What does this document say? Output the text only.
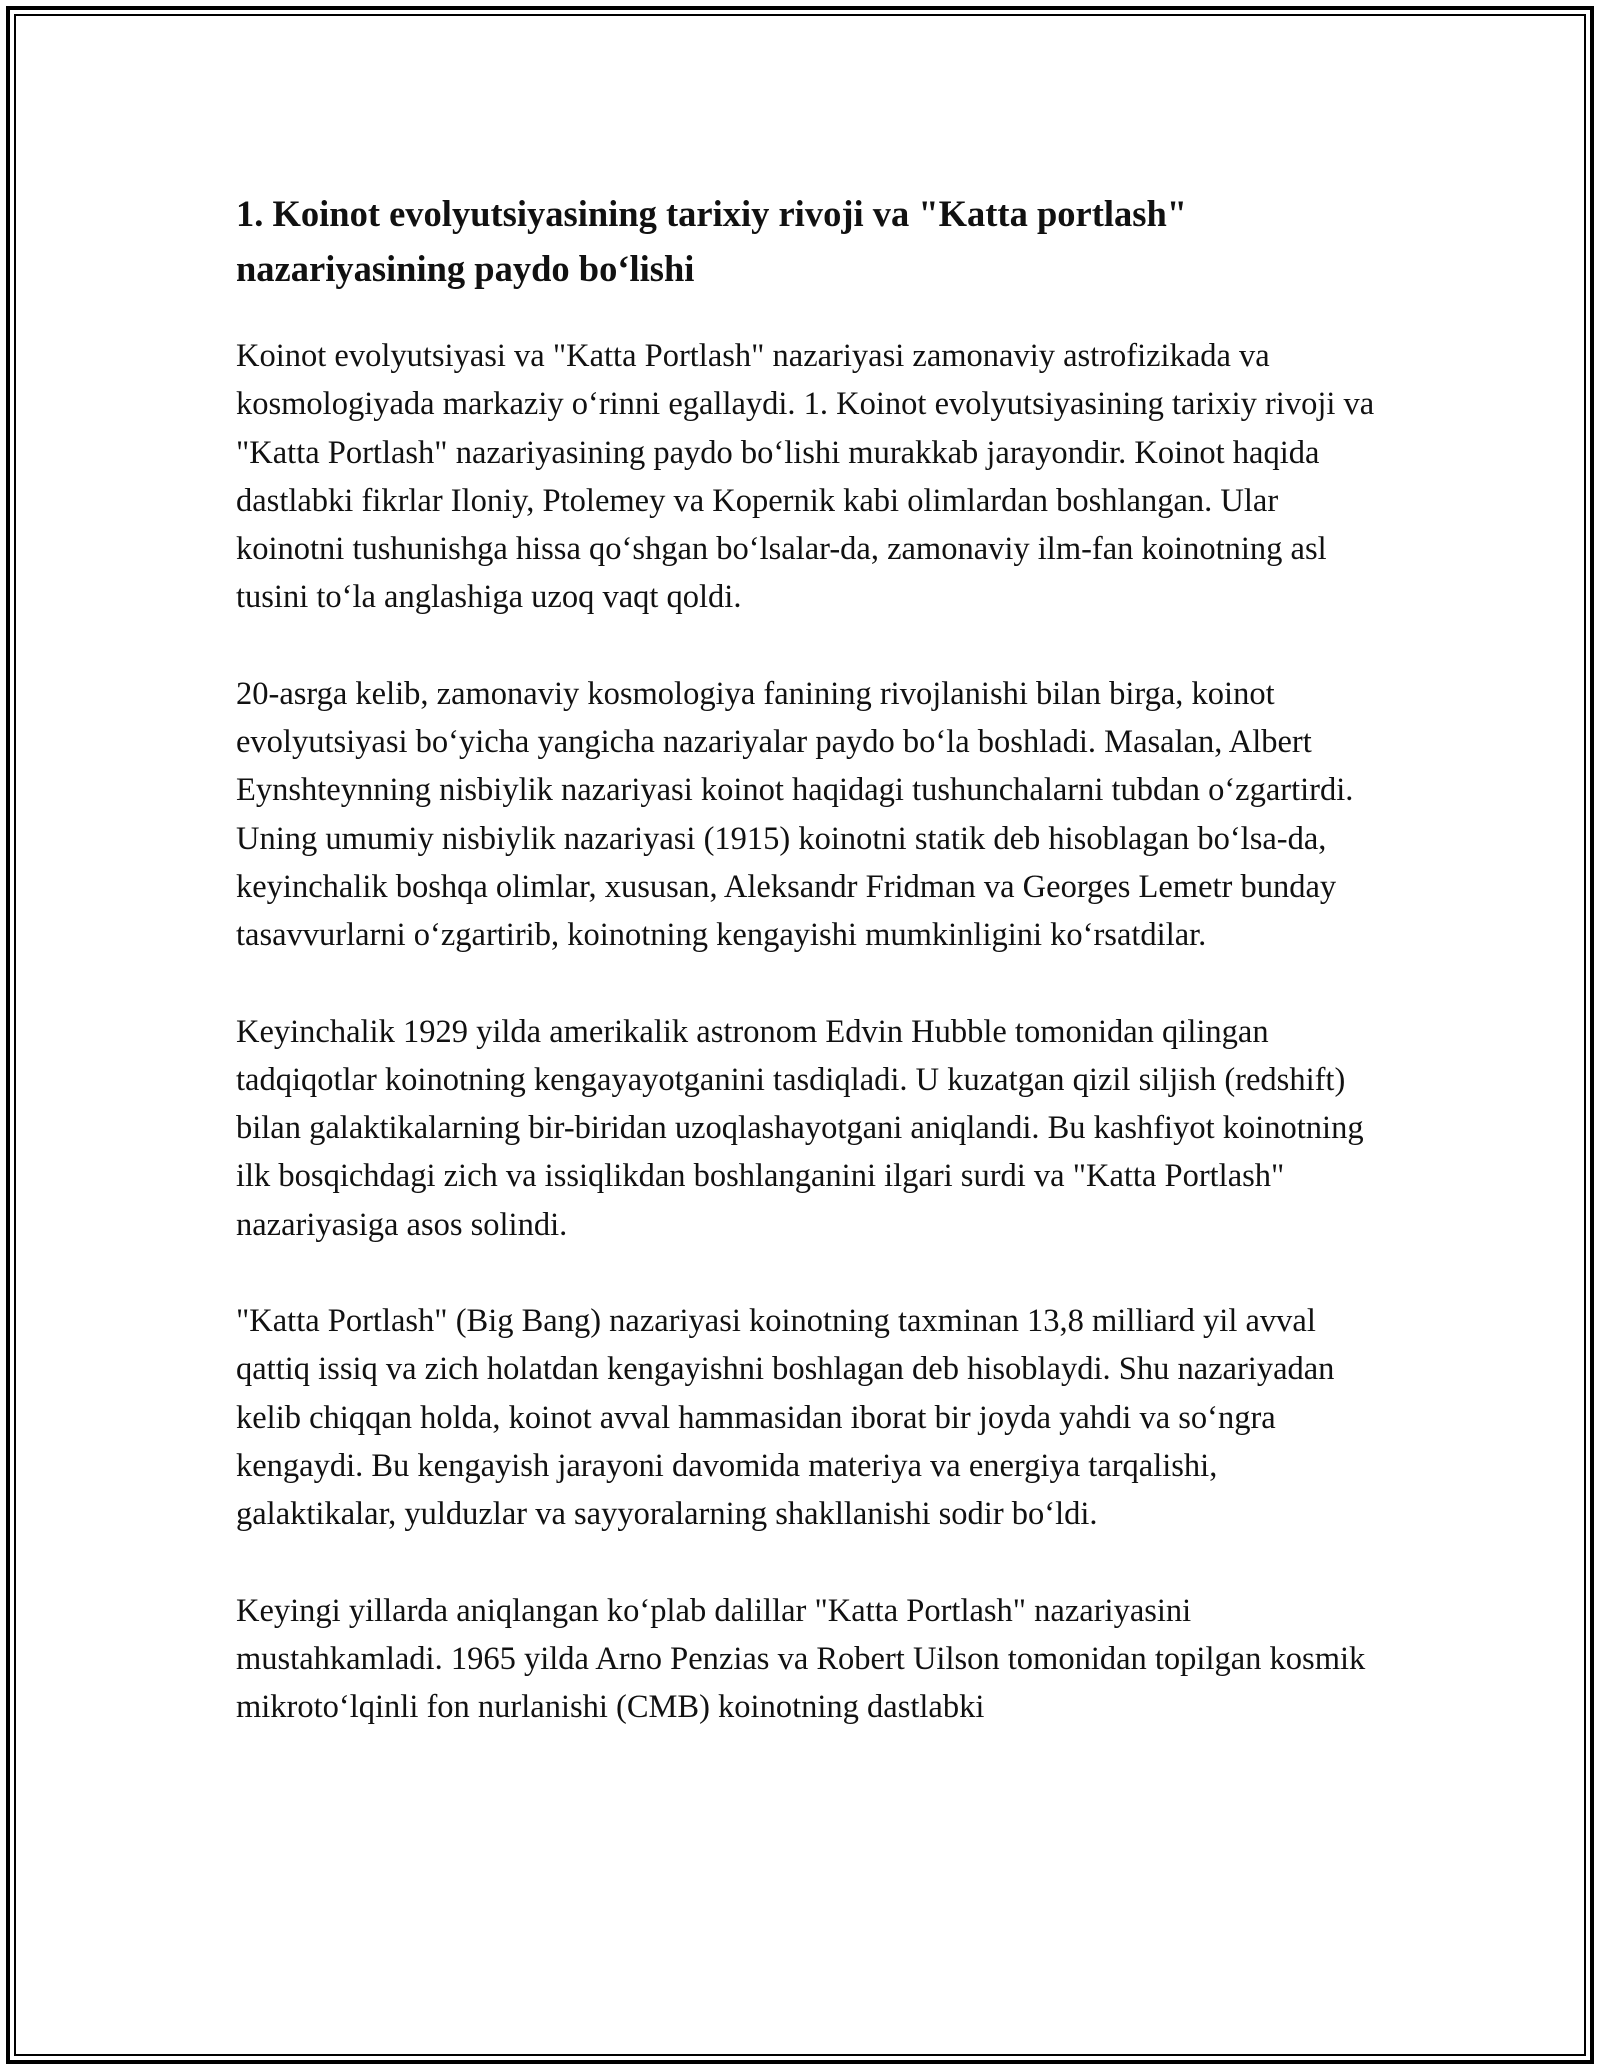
1. Koinot evolyutsiyasining tarixiy rivoji va "Katta portlash" nazariyasining paydo bo‘lishi

Koinot evolyutsiyasi va "Katta Portlash" nazariyasi zamonaviy astrofizikada va kosmologiyada markaziy o‘rinni egallaydi. 1. Koinot evolyutsiyasining tarixiy rivoji va "Katta Portlash" nazariyasining paydo bo‘lishi murakkab jarayondir. Koinot haqida dastlabki fikrlar Iloniy, Ptolemey va Kopernik kabi olimlardan boshlangan. Ular koinotni tushunishga hissa qo‘shgan bo‘lsalar-da, zamonaviy ilm-fan koinotning asl tusini to‘la anglashiga uzoq vaqt qoldi.

20-asrga kelib, zamonaviy kosmologiya fanining rivojlanishi bilan birga, koinot evolyutsiyasi bo‘yicha yangicha nazariyalar paydo bo‘la boshladi. Masalan, Albert Eynshteynning nisbiylik nazariyasi koinot haqidagi tushunchalarni tubdan o‘zgartirdi. Uning umumiy nisbiylik nazariyasi (1915) koinotni statik deb hisoblagan bo‘lsa-da, keyinchalik boshqa olimlar, xususan, Aleksandr Fridman va Georges Lemetr bunday tasavvurlarni o‘zgartirib, koinotning kengayishi mumkinligini ko‘rsatdilar.

Keyinchalik 1929 yilda amerikalik astronom Edvin Hubble tomonidan qilingan tadqiqotlar koinotning kengayayotganini tasdiqladi. U kuzatgan qizil siljish (redshift) bilan galaktikalarning bir-biridan uzoqlashayotgani aniqlandi. Bu kashfiyot koinotning ilk bosqichdagi zich va issiqlikdan boshlanganini ilgari surdi va "Katta Portlash" nazariyasiga asos solindi.

"Katta Portlash" (Big Bang) nazariyasi koinotning taxminan 13,8 milliard yil avval qattiq issiq va zich holatdan kengayishni boshlagan deb hisoblaydi. Shu nazariyadan kelib chiqqan holda, koinot avval hammasidan iborat bir joyda yahdi va so‘ngra kengaydi. Bu kengayish jarayoni davomida materiya va energiya tarqalishi, galaktikalar, yulduzlar va sayyoralarning shakllanishi sodir bo‘ldi.

Keyingi yillarda aniqlangan ko‘plab dalillar "Katta Portlash" nazariyasini mustahkamladi. 1965 yilda Arno Penzias va Robert Uilson tomonidan topilgan kosmik mikroto‘lqinli fon nurlanishi (CMB) koinotning dastlabki
